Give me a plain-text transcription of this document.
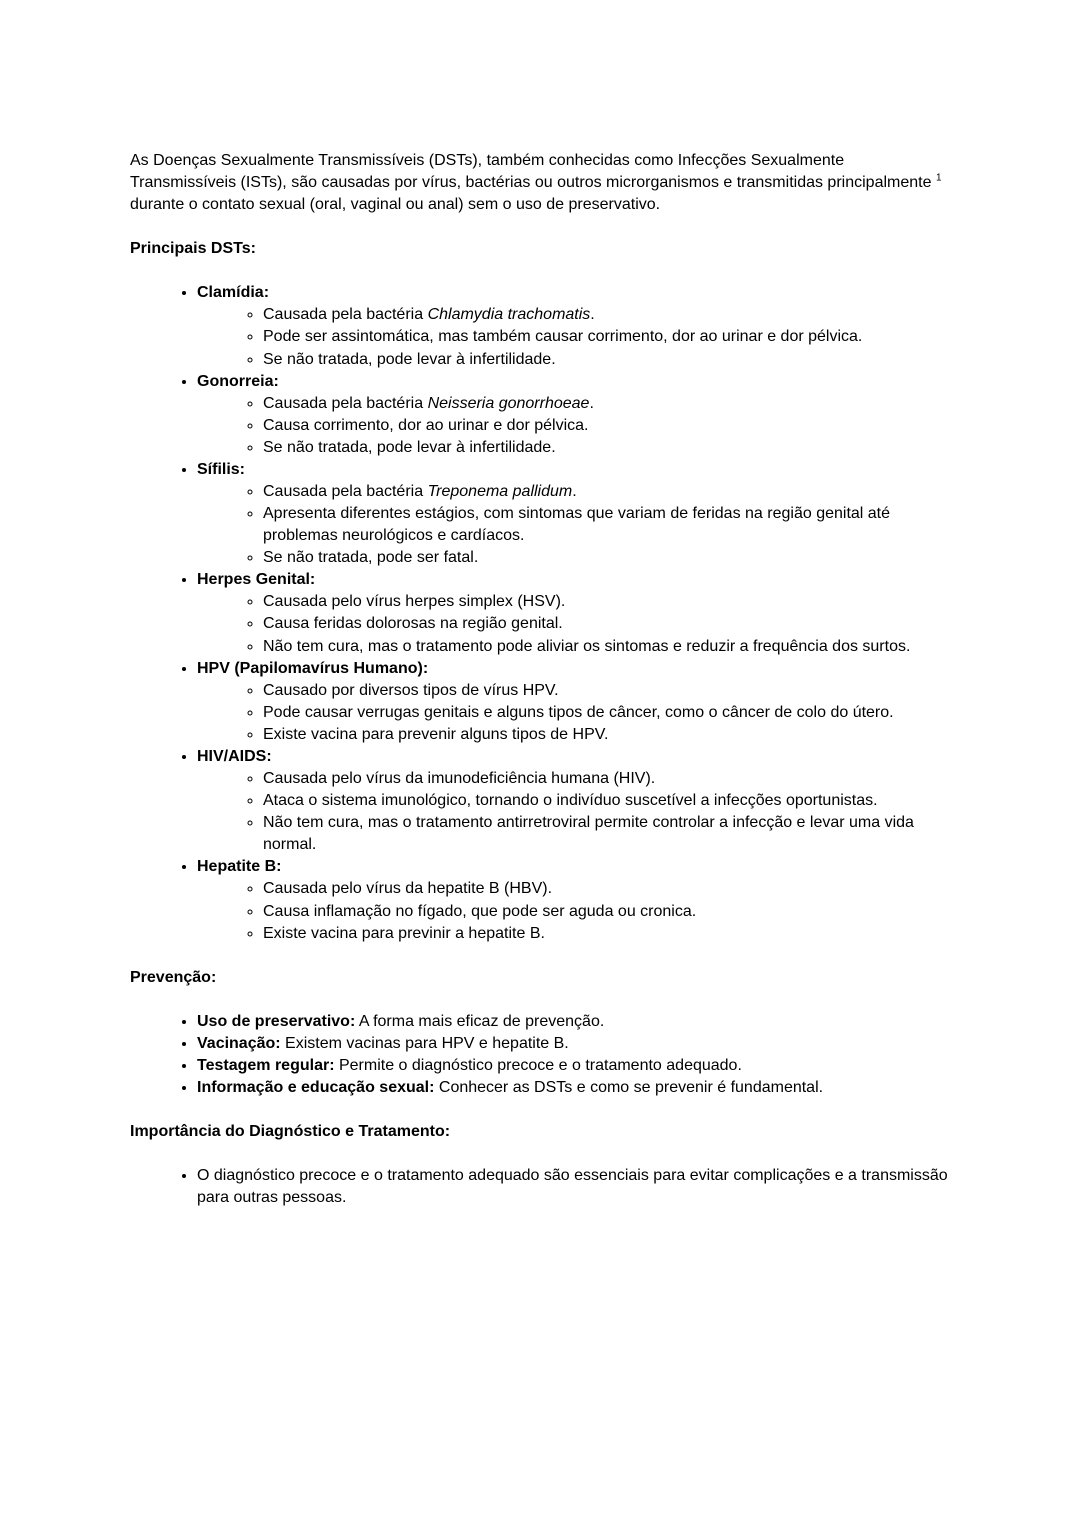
As Doenças Sexualmente Transmissíveis (DSTs), também conhecidas como Infecções Sexualmente Transmissíveis (ISTs), são causadas por vírus, bactérias ou outros microrganismos e transmitidas principalmente $^1$ durante o contato sexual (oral, vaginal ou anal) sem o uso de preservativo.

Principais DSTs:

• Clamídia:
◦ Causada pela bactéria Chlamydia trachomatis.
◦ Pode ser assintomática, mas também causar corrimento, dor ao urinar e dor pélvica.
◦ Se não tratada, pode levar à infertilidade.
• Gonorreia:
◦ Causada pela bactéria Neisseria gonorrhoeae.
◦ Causa corrimento, dor ao urinar e dor pélvica.
◦ Se não tratada, pode levar à infertilidade.
• Sífilis:
◦ Causada pela bactéria Treponema pallidum.
◦ Apresenta diferentes estágios, com sintomas que variam de feridas na região genital até problemas neurológicos e cardíacos.
◦ Se não tratada, pode ser fatal.
• Herpes Genital:
◦ Causada pelo vírus herpes simplex (HSV).
◦ Causa feridas dolorosas na região genital.
◦ Não tem cura, mas o tratamento pode aliviar os sintomas e reduzir a frequência dos surtos.
• HPV (Papilomavírus Humano):
◦ Causado por diversos tipos de vírus HPV.
◦ Pode causar verrugas genitais e alguns tipos de câncer, como o câncer de colo do útero.
◦ Existe vacina para prevenir alguns tipos de HPV.
• HIV/AIDS:
◦ Causada pelo vírus da imunodeficiência humana (HIV).
◦ Ataca o sistema imunológico, tornando o indivíduo suscetível a infecções oportunistas.
◦ Não tem cura, mas o tratamento antirretroviral permite controlar a infecção e levar uma vida normal.
• Hepatite B:
◦ Causada pelo vírus da hepatite B (HBV).
◦ Causa inflamação no fígado, que pode ser aguda ou cronica.
◦ Existe vacina para previnir a hepatite B.

Prevenção:

• Uso de preservativo: A forma mais eficaz de prevenção.
• Vacinação: Existem vacinas para HPV e hepatite B.
• Testagem regular: Permite o diagnóstico precoce e o tratamento adequado.
• Informação e educação sexual: Conhecer as DSTs e como se prevenir é fundamental.

Importância do Diagnóstico e Tratamento:

• O diagnóstico precoce e o tratamento adequado são essenciais para evitar complicações e a transmissão para outras pessoas.
